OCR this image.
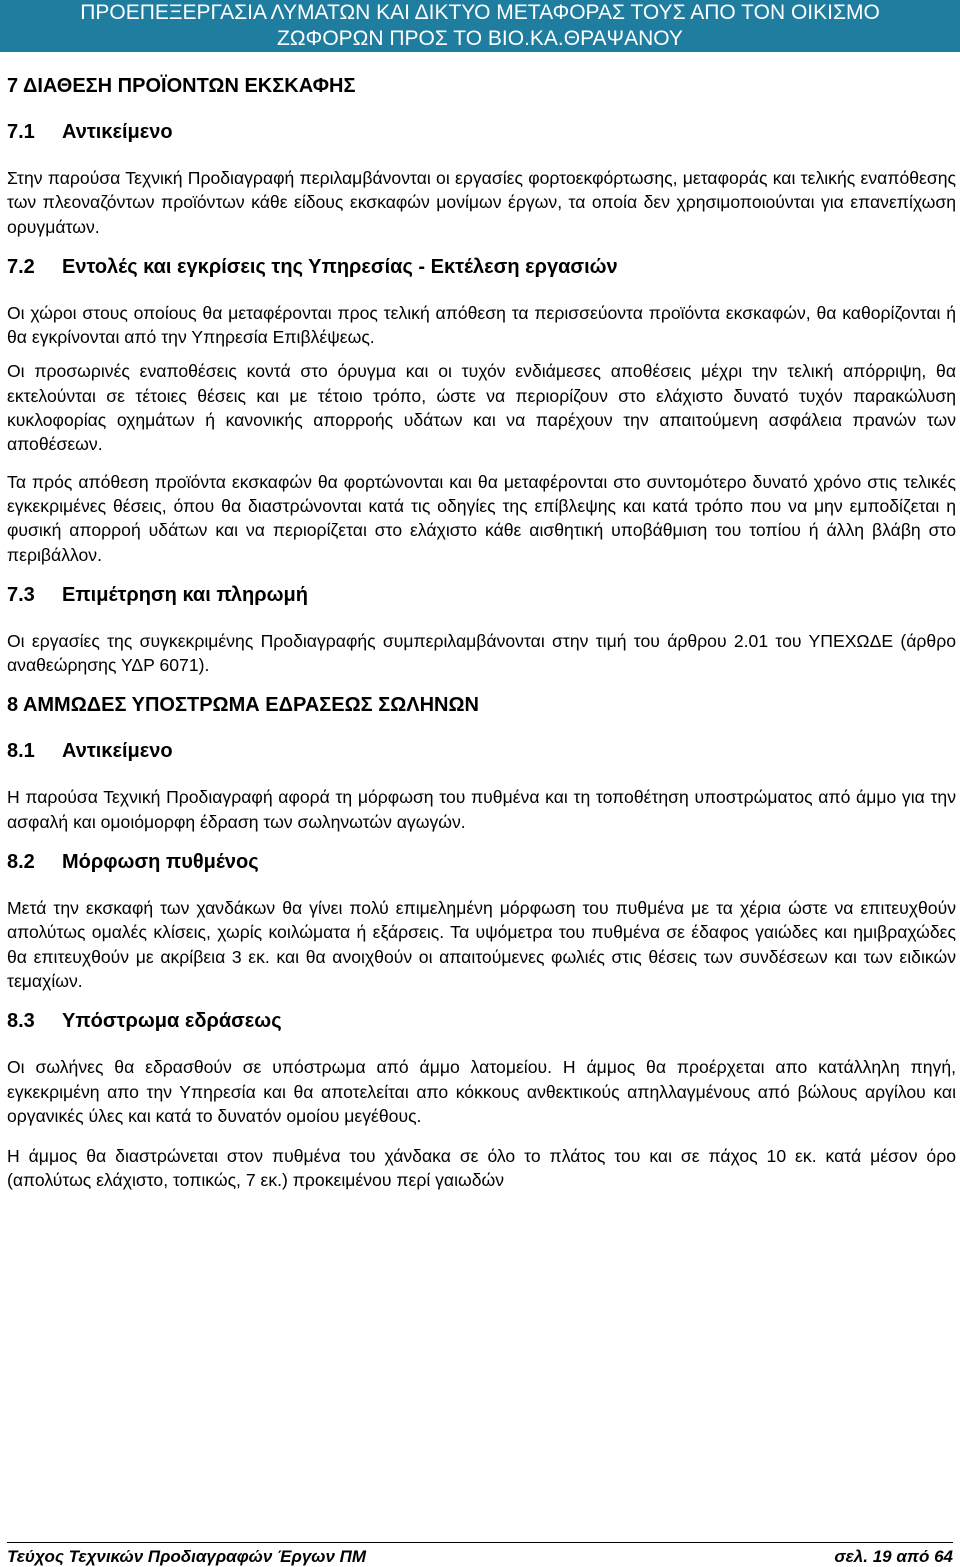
ΠΡΟΕΠΕΞΕΡΓΑΣΙΑ ΛΥΜΑΤΩΝ ΚΑΙ ΔΙΚΤΥΟ ΜΕΤΑΦΟΡΑΣ ΤΟΥΣ ΑΠΟ ΤΟΝ ΟΙΚΙΣΜΟ
ΖΩΦΟΡΩΝ ΠΡΟΣ ΤΟ ΒΙΟ.ΚΑ.ΘΡΑΨΑΝΟΥ
7 ΔΙΑΘΕΣΗ ΠΡΟΪΟΝΤΩΝ ΕΚΣΚΑΦΗΣ
7.1	Αντικείμενο
Στην παρούσα Τεχνική Προδιαγραφή περιλαμβάνονται οι εργασίες φορτοεκφόρτωσης, μεταφοράς και τελικής εναπόθεσης των πλεοναζόντων προϊόντων κάθε είδους εκσκαφών μονίμων έργων, τα οποία δεν χρησιμοποιούνται για επανεπίχωση ορυγμάτων.
7.2	Εντολές και εγκρίσεις της Υπηρεσίας - Εκτέλεση εργασιών
Οι χώροι στους οποίους θα μεταφέρονται προς τελική απόθεση τα περισσεύοντα προϊόντα εκσκαφών, θα καθορίζονται ή θα εγκρίνονται από την Υπηρεσία Επιβλέψεως.
Οι προσωρινές εναποθέσεις κοντά στο όρυγμα και οι τυχόν ενδιάμεσες αποθέσεις μέχρι την τελική απόρριψη, θα εκτελούνται σε τέτοιες θέσεις και με τέτοιο τρόπο, ώστε να περιορίζουν στο ελάχιστο δυνατό τυχόν παρακώλυση κυκλοφορίας οχημάτων ή κανονικής απορροής υδάτων και να παρέχουν την απαιτούμενη ασφάλεια πρανών των αποθέσεων.
Τα πρός απόθεση προϊόντα εκσκαφών θα φορτώνονται και θα μεταφέρονται στο συντομότερο δυνατό χρόνο στις τελικές εγκεκριμένες θέσεις, όπου θα διαστρώνονται κατά τις οδηγίες της επίβλεψης και κατά τρόπο που να μην εμποδίζεται η φυσική απορροή υδάτων και να περιορίζεται στο ελάχιστο κάθε αισθητική υποβάθμιση του τοπίου ή άλλη βλάβη στο περιβάλλον.
7.3	Επιμέτρηση και πληρωμή
Οι εργασίες της συγκεκριμένης Προδιαγραφής συμπεριλαμβάνονται στην τιμή του άρθρου 2.01 του ΥΠΕΧΩΔΕ (άρθρο αναθεώρησης ΥΔΡ 6071).
8 ΑΜΜΩΔΕΣ ΥΠΟΣΤΡΩΜΑ ΕΔΡΑΣΕΩΣ ΣΩΛΗΝΩΝ
8.1	Αντικείμενο
Η παρούσα Τεχνική Προδιαγραφή αφορά τη μόρφωση του πυθμένα και τη τοποθέτηση υποστρώματος από άμμο για την ασφαλή και ομοιόμορφη έδραση των σωληνωτών αγωγών.
8.2	Μόρφωση πυθμένος
Μετά την εκσκαφή των χανδάκων θα γίνει πολύ επιμελημένη μόρφωση του πυθμένα με τα χέρια ώστε να επιτευχθούν απολύτως ομαλές κλίσεις, χωρίς κοιλώματα ή εξάρσεις. Τα υψόμετρα του πυθμένα σε έδαφος γαιώδες και ημιβραχώδες θα επιτευχθούν με ακρίβεια 3 εκ. και θα ανοιχθούν οι απαιτούμενες φωλιές στις θέσεις των συνδέσεων και των ειδικών τεμαχίων.
8.3	Υπόστρωμα εδράσεως
Οι σωλήνες θα εδρασθούν σε υπόστρωμα από άμμο λατομείου. Η άμμος θα προέρχεται απο κατάλληλη πηγή, εγκεκριμένη απο την Υπηρεσία και θα αποτελείται απο κόκκους ανθεκτικούς απηλλαγμένους από βώλους αργίλου και οργανικές ύλες και κατά το δυνατόν ομοίου μεγέθους.
Η άμμος θα διαστρώνεται στον πυθμένα του χάνδακα σε όλο το πλάτος του και σε πάχος 10 εκ. κατά μέσον όρο (απολύτως ελάχιστο, τοπικώς, 7 εκ.) προκειμένου περί γαιωδών
Τεύχος Τεχνικών Προδιαγραφών Έργων ΠΜ	σελ. 19 από 64
